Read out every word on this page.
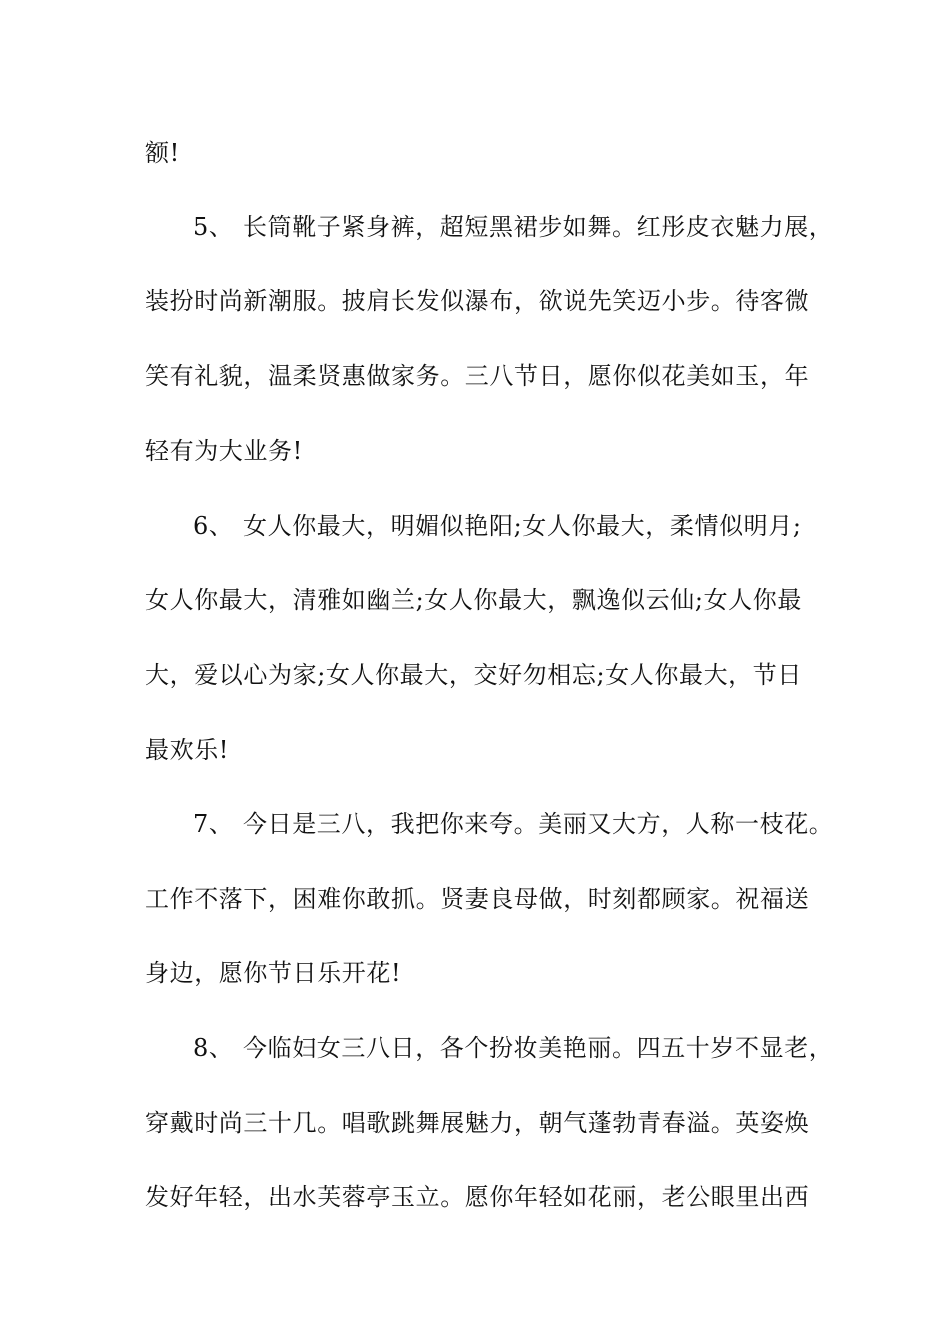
额!
5、 长筒靴子紧身裤，超短黑裙步如舞。红彤皮衣魅力展，
装扮时尚新潮服。披肩长发似瀑布，欲说先笑迈小步。待客微
笑有礼貌，温柔贤惠做家务。三八节日，愿你似花美如玉，年
轻有为大业务!
6、 女人你最大，明媚似艳阳;女人你最大，柔情似明月;
女人你最大，清雅如幽兰;女人你最大，飘逸似云仙;女人你最
大，爱以心为家;女人你最大，交好勿相忘;女人你最大，节日
最欢乐!
7、 今日是三八，我把你来夸。美丽又大方，人称一枝花。
工作不落下，困难你敢抓。贤妻良母做，时刻都顾家。祝福送
身边，愿你节日乐开花!
8、 今临妇女三八日，各个扮妆美艳丽。四五十岁不显老，
穿戴时尚三十几。唱歌跳舞展魅力，朝气蓬勃青春溢。英姿焕
发好年轻，出水芙蓉亭玉立。愿你年轻如花丽，老公眼里出西
